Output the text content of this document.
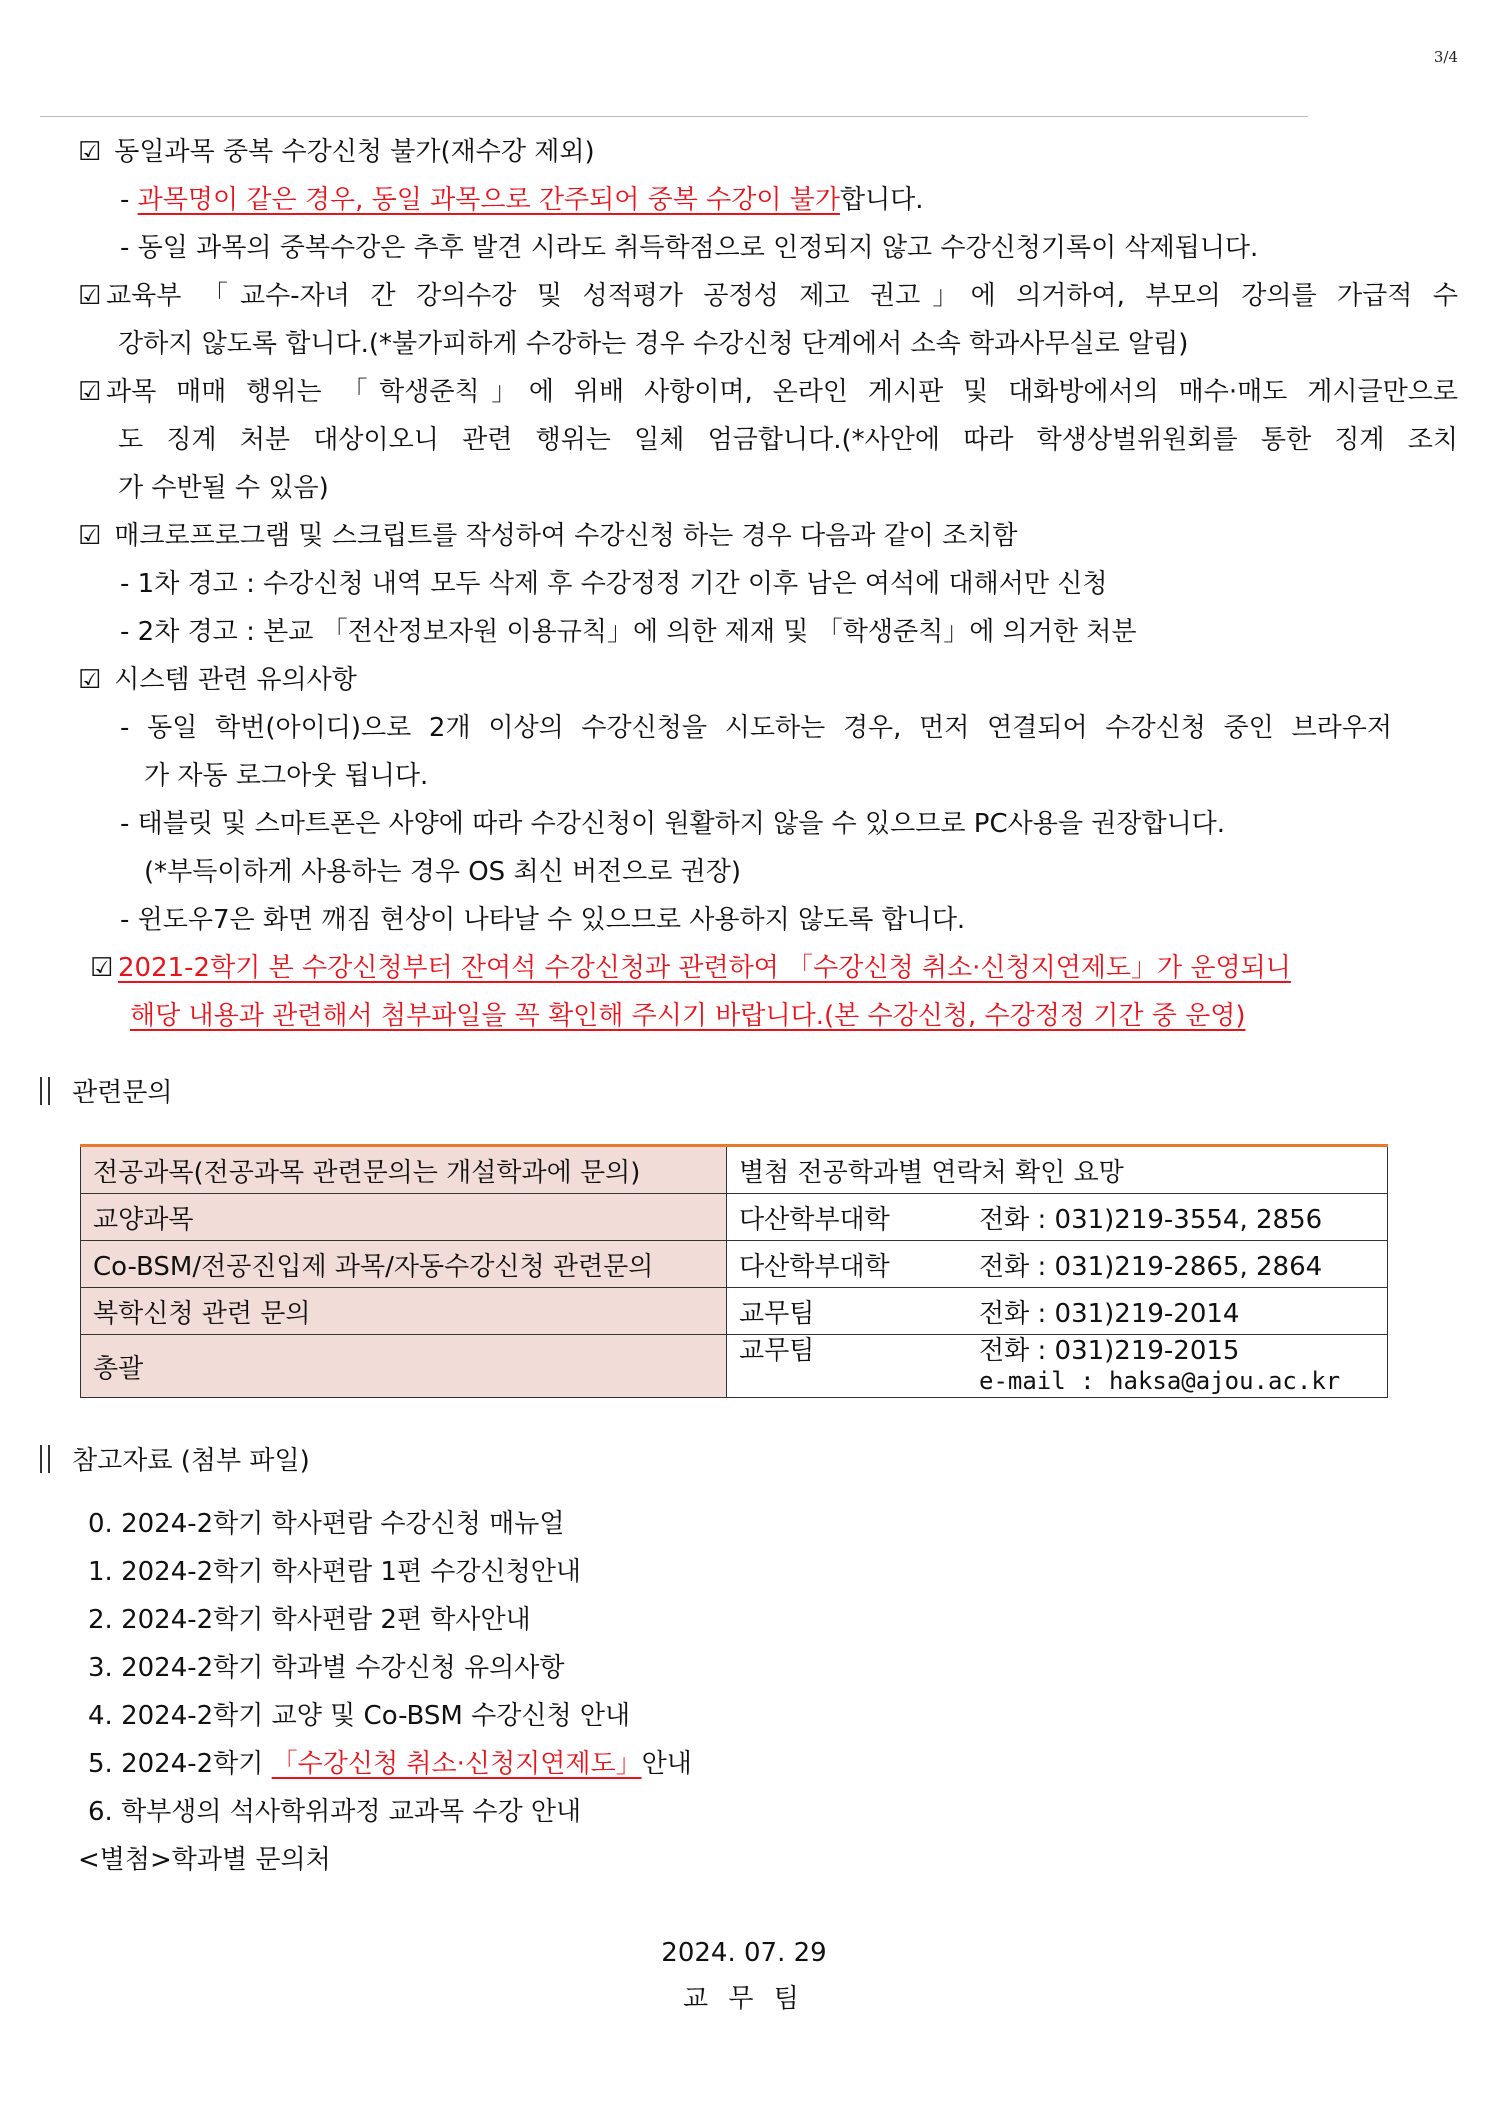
3/4
☑ 동일과목 중복 수강신청 불가(재수강 제외)
- 과목명이 같은 경우, 동일 과목으로 간주되어 중복 수강이 불가합니다.
- 동일 과목의 중복수강은 추후 발견 시라도 취득학점으로 인정되지 않고 수강신청기록이 삭제됩니다.
☑ 교육부 「교수-자녀 간 강의수강 및 성적평가 공정성 제고 권고」에 의거하여, 부모의 강의를 가급적 수
강하지 않도록 합니다.(*불가피하게 수강하는 경우 수강신청 단계에서 소속 학과사무실로 알림)
☑ 과목 매매 행위는 「학생준칙」에 위배 사항이며, 온라인 게시판 및 대화방에서의 매수·매도 게시글만으로
도 징계 처분 대상이오니 관련 행위는 일체 엄금합니다.(*사안에 따라 학생상벌위원회를 통한 징계 조치
가 수반될 수 있음)
☑ 매크로프로그램 및 스크립트를 작성하여 수강신청 하는 경우 다음과 같이 조치함
- 1차 경고 : 수강신청 내역 모두 삭제 후 수강정정 기간 이후 남은 여석에 대해서만 신청
- 2차 경고 : 본교 「전산정보자원 이용규칙」에 의한 제재 및 「학생준칙」에 의거한 처분
☑ 시스템 관련 유의사항
- 동일 학번(아이디)으로 2개 이상의 수강신청을 시도하는 경우, 먼저 연결되어 수강신청 중인 브라우저
가 자동 로그아웃 됩니다.
- 태블릿 및 스마트폰은 사양에 따라 수강신청이 원활하지 않을 수 있으므로 PC사용을 권장합니다.
(*부득이하게 사용하는 경우 OS 최신 버전으로 권장)
- 윈도우7은 화면 깨짐 현상이 나타날 수 있으므로 사용하지 않도록 합니다.
☑ 2021-2학기 본 수강신청부터 잔여석 수강신청과 관련하여 「수강신청 취소·신청지연제도」가 운영되니
해당 내용과 관련해서 첨부파일을 꼭 확인해 주시기 바랍니다.(본 수강신청, 수강정정 기간 중 운영)
관련문의
전공과목(전공과목 관련문의는 개설학과에 문의)	별첨 전공학과별 연락처 확인 요망
교양과목	다산학부대학 전화 : 031)219-3554, 2856
Co-BSM/전공진입제 과목/자동수강신청 관련문의	다산학부대학 전화 : 031)219-2865, 2864
복학신청 관련 문의	교무팀 전화 : 031)219-2014
총괄	교무팀 전화 : 031)219-2015
e-mail : haksa@ajou.ac.kr
참고자료 (첨부 파일)
0. 2024-2학기 학사편람 수강신청 매뉴얼
1. 2024-2학기 학사편람 1편 수강신청안내
2. 2024-2학기 학사편람 2편 학사안내
3. 2024-2학기 학과별 수강신청 유의사항
4. 2024-2학기 교양 및 Co-BSM 수강신청 안내
5. 2024-2학기 「수강신청 취소·신청지연제도」안내
6. 학부생의 석사학위과정 교과목 수강 안내
<별첨>학과별 문의처
2024. 07. 29
교 무 팀
